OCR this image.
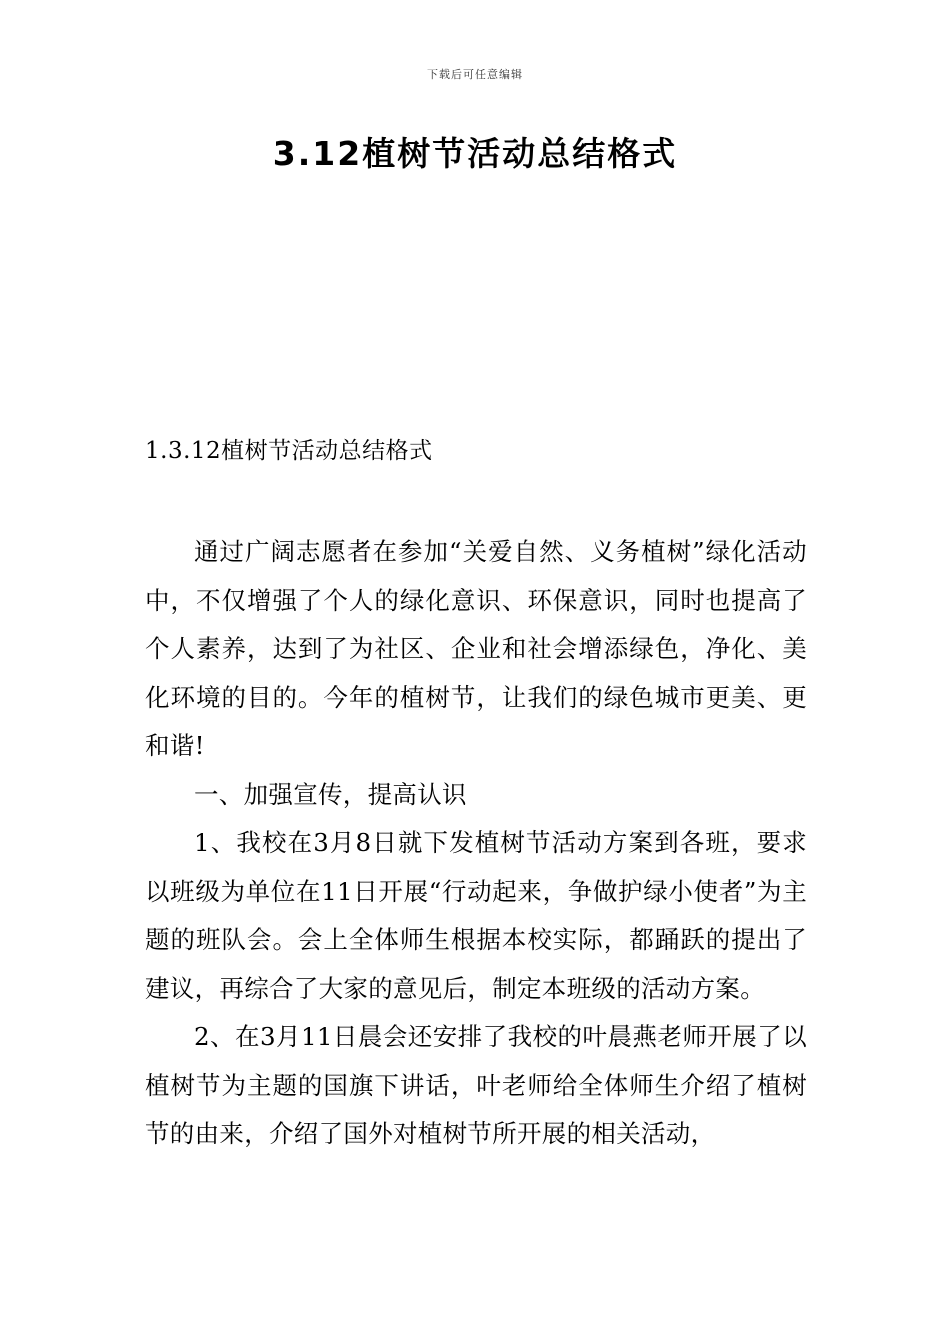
下载后可任意编辑
3.12植树节活动总结格式
1.3.12植树节活动总结格式

通过广阔志愿者在参加“关爱自然、义务植树”绿化活动中，不仅增强了个人的绿化意识、环保意识，同时也提高了个人素养，达到了为社区、企业和社会增添绿色，净化、美化环境的目的。今年的植树节，让我们的绿色城市更美、更和谐!

一、加强宣传，提高认识

1、我校在3月8日就下发植树节活动方案到各班，要求以班级为单位在11日开展“行动起来，争做护绿小使者”为主题的班队会。会上全体师生根据本校实际，都踊跃的提出了建议，再综合了大家的意见后，制定本班级的活动方案。

2、在3月11日晨会还安排了我校的叶晨燕老师开展了以植树节为主题的国旗下讲话，叶老师给全体师生介绍了植树节的由来，介绍了国外对植树节所开展的相关活动，
